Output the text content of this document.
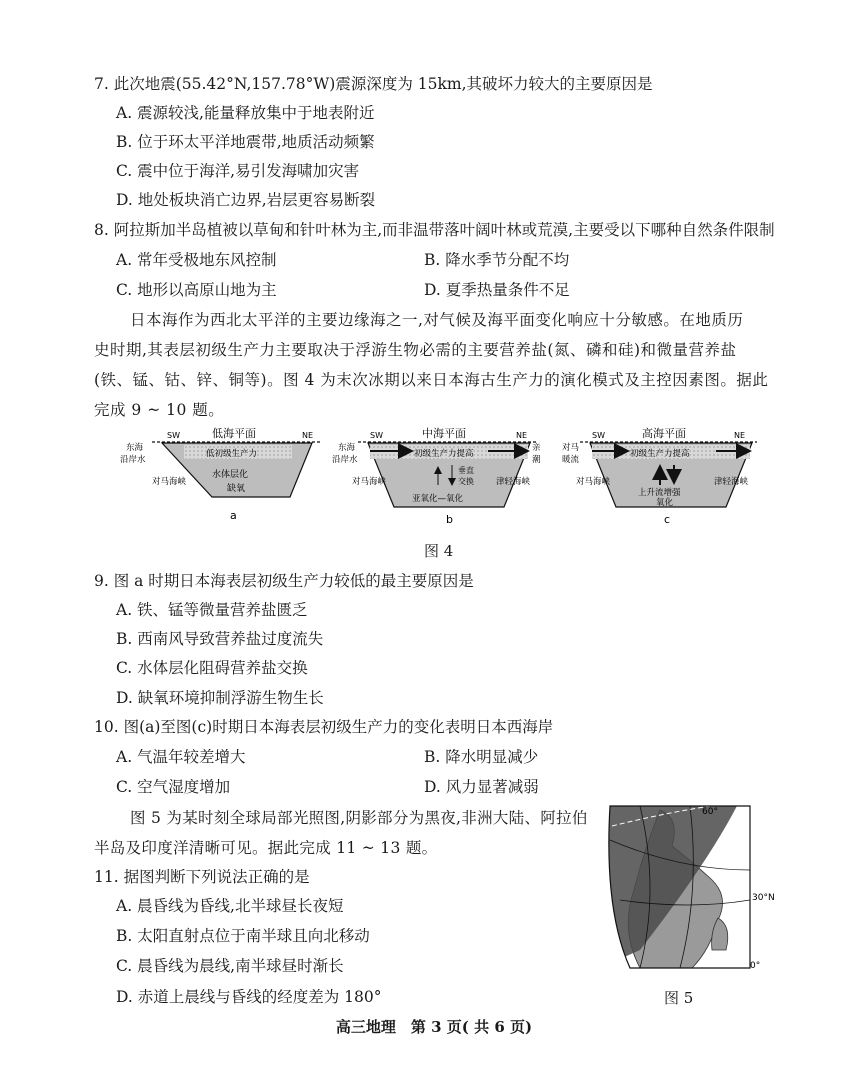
7. 此次地震(55.42°N,157.78°W)震源深度为 15km,其破坏力较大的主要原因是
A. 震源较浅,能量释放集中于地表附近
B. 位于环太平洋地震带,地质活动频繁
C. 震中位于海洋,易引发海啸加灾害
D. 地处板块消亡边界,岩层更容易断裂
8. 阿拉斯加半岛植被以草甸和针叶林为主,而非温带落叶阔叶林或荒漠,主要受以下哪种自然条件限制
A. 常年受极地东风控制	B. 降水季节分配不均
C. 地形以高原山地为主	D. 夏季热量条件不足
日本海作为西北太平洋的主要边缘海之一,对气候及海平面变化响应十分敏感。在地质历
史时期,其表层初级生产力主要取决于浮游生物必需的主要营养盐(氮、磷和硅)和微量营养盐
(铁、锰、钴、锌、铜等)。图 4 为末次冰期以来日本海古生产力的演化模式及主控因素图。据此
完成 9 ~ 10 题。
SW	NE
低海平面
东海
沿岸水
低初级生产力
水体层化
缺氧
对马海峡
a
SW	NE
中海平面
东海
沿岸水
亲
潮
初级生产力提高
垂直
交换
亚氧化—氧化
对马海峡	津轻海峡
b
SW	NE
高海平面
对马
暖流
初级生产力提高
上升流增强
氧化
对马海峡	津轻海峡
c
图 4
9. 图 a 时期日本海表层初级生产力较低的最主要原因是
A. 铁、锰等微量营养盐匮乏
B. 西南风导致营养盐过度流失
C. 水体层化阻碍营养盐交换
D. 缺氧环境抑制浮游生物生长
10. 图(a)至图(c)时期日本海表层初级生产力的变化表明日本西海岸
A. 气温年较差增大	B. 降水明显减少
C. 空气湿度增加	D. 风力显著减弱
图 5 为某时刻全球局部光照图,阴影部分为黑夜,非洲大陆、阿拉伯
半岛及印度洋清晰可见。据此完成 11 ~ 13 题。
11. 据图判断下列说法正确的是
A. 晨昏线为昏线,北半球昼长夜短
B. 太阳直射点位于南半球且向北移动
C. 晨昏线为晨线,南半球昼时渐长
D. 赤道上晨线与昏线的经度差为 180°
60°
30°N
0°
图 5
高三地理　第 3 页( 共 6 页)
